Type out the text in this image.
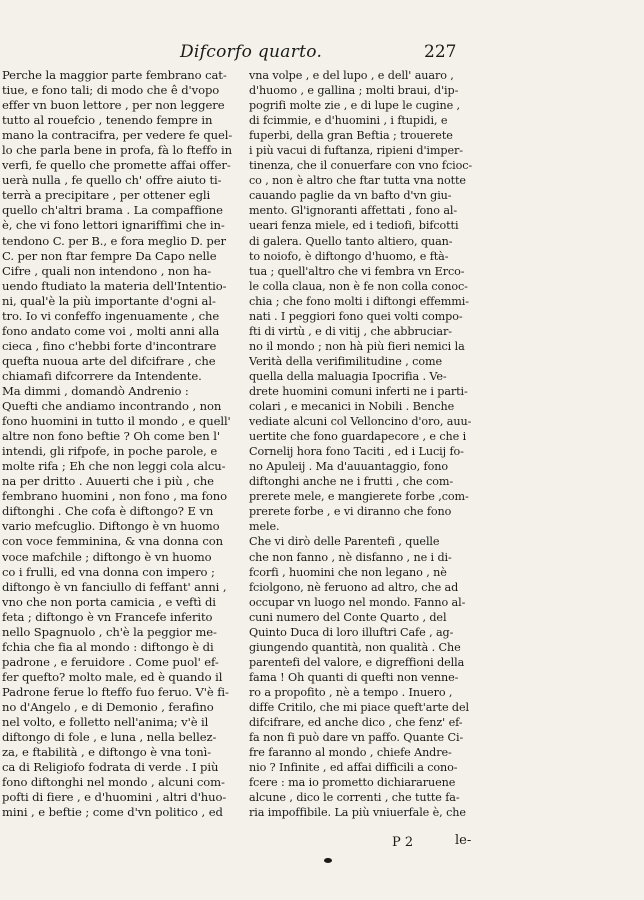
Difcorfo quarto.	227
Perche la maggior parte fembrano cat-
tiue, e fono tali; di modo che ê d'vopo
effer vn buon lettore , per non leggere
tutto al rouefcio , tenendo fempre in
mano la contracifra, per vedere fe quel-
lo che parla bene in profa, fà lo fteffo in
verfi, fe quello che promette affai offer-
uerà nulla , fe quello ch' offre aiuto ti-
terrà a precipitare , per ottener egli
quello ch'altri brama . La compaffione
è, che vi fono lettori ignariffimi che in-
tendono C. per B., e fora meglio D. per
C. per non ftar fempre Da Capo nelle
Cifre , quali non intendono , non ha-
uendo ftudiato la materia dell'Intentio-
ni, qual'è la più importante d'ogni al-
tro. Io vi confeffo ingenuamente , che
fono andato come voi , molti anni alla
cieca , fino c'hebbi forte d'incontrare
quefta nuoua arte del difcifrare , che
chiamafi difcorrere da Intendente.
Ma dimmi , domandò Andrenio :
Quefti che andiamo incontrando , non
fono huomini in tutto il mondo , e quell'
altre non fono beftie ? Oh come ben l'
intendi, gli rifpofe, in poche parole, e
molte rifa ; Eh che non leggi cola alcu-
na per dritto . Auuerti che i più , che
fembrano huomini , non fono , ma fono
diftonghi . Che cofa è diftongo? E vn
vario mefcuglio. Diftongo è vn huomo
con voce femminina, & vna donna con
voce mafchile ; diftongo è vn huomo
co i frulli, ed vna donna con impero ;
diftongo è vn fanciullo di feffant' anni ,
vno che non porta camicia , e veftì di
feta ; diftongo è vn Francefe inferito
nello Spagnuolo , ch'è la peggior me-
fchia che fia al mondo : diftongo è di
padrone , e feruidore . Come puol' ef-
fer quefto? molto male, ed è quando il
Padrone ferue lo fteffo fuo feruo. V'è fi-
no d'Angelo , e di Demonio , ferafino
nel volto, e folletto nell'anima; v'è il
diftongo di fole , e luna , nella bellez-
za, e ftabilità , e diftongo è vna tonì-
ca di Religiofo fodrata di verde . I più
fono diftonghi nel mondo , alcuni com-
pofti di fiere , e d'huomini , altri d'huo-
mini , e beftie ; come d'vn politico , ed
vna volpe , e del lupo , e dell' auaro ,
d'huomo , e gallina ; molti braui, d'ip-
pogrifi molte zie , e di lupe le cugine ,
di fcimmie, e d'huomini , i ftupidi, e
fuperbi, della gran Beftia ; trouerete
i più vacui di fuftanza, ripieni d'imper-
tinenza, che il conuerfare con vno fcioc-
co , non è altro che ftar tutta vna notte
cauando paglie da vn bafto d'vn giu-
mento. Gl'ignoranti affettati , fono al-
ueari fenza miele, ed i tediofi, bifcotti
di galera. Quello tanto altiero, quan-
to noiofo, è diftongo d'huomo, e ftà-
tua ; quell'altro che vi fembra vn Erco-
le colla claua, non è fe non colla conoc-
chia ; che fono molti i diftongi effemmi-
nati . I peggiori fono quei volti compo-
fti di virtù , e di vitij , che abbruciar-
no il mondo ; non hà più fieri nemici la
Verità della verifimilitudine , come
quella della maluagia Ipocrifia . Ve-
drete huomini comuni inferti ne i parti-
colari , e mecanici in Nobili . Benche
vediate alcuni col Velloncino d'oro, auu-
uertite che fono guardapecore , e che i
Cornelij hora fono Taciti , ed i Lucij fo-
no Apuleij . Ma d'auuantaggio, fono
diftonghi anche ne i frutti , che com-
prerete mele, e mangierete forbe ,com-
prerete forbe , e vi diranno che fono
mele.
Che vi dirò delle Parentefi , quelle
che non fanno , nè disfanno , ne i di-
fcorfi , huomini che non legano , nè
fciolgono, nè feruono ad altro, che ad
occupar vn luogo nel mondo. Fanno al-
cuni numero del Conte Quarto , del
Quinto Duca di loro illuftri Cafe , ag-
giungendo quantità, non qualità . Che
parentefi del valore, e digreffioni della
fama ! Oh quanti di quefti non venne-
ro a propofito , nè a tempo . Inuero ,
diffe Critilo, che mi piace queft'arte del
difcifrare, ed anche dico , che fenz' ef-
fa non fi può dare vn paffo. Quante Ci-
fre faranno al mondo , chiefe Andre-
nio ? Infinite , ed affai difficili a cono-
fcere : ma io prometto dichiararuene
alcune , dico le correnti , che tutte fa-
ria impoffibile. La più vniuerfale è, che
P 2	le-
